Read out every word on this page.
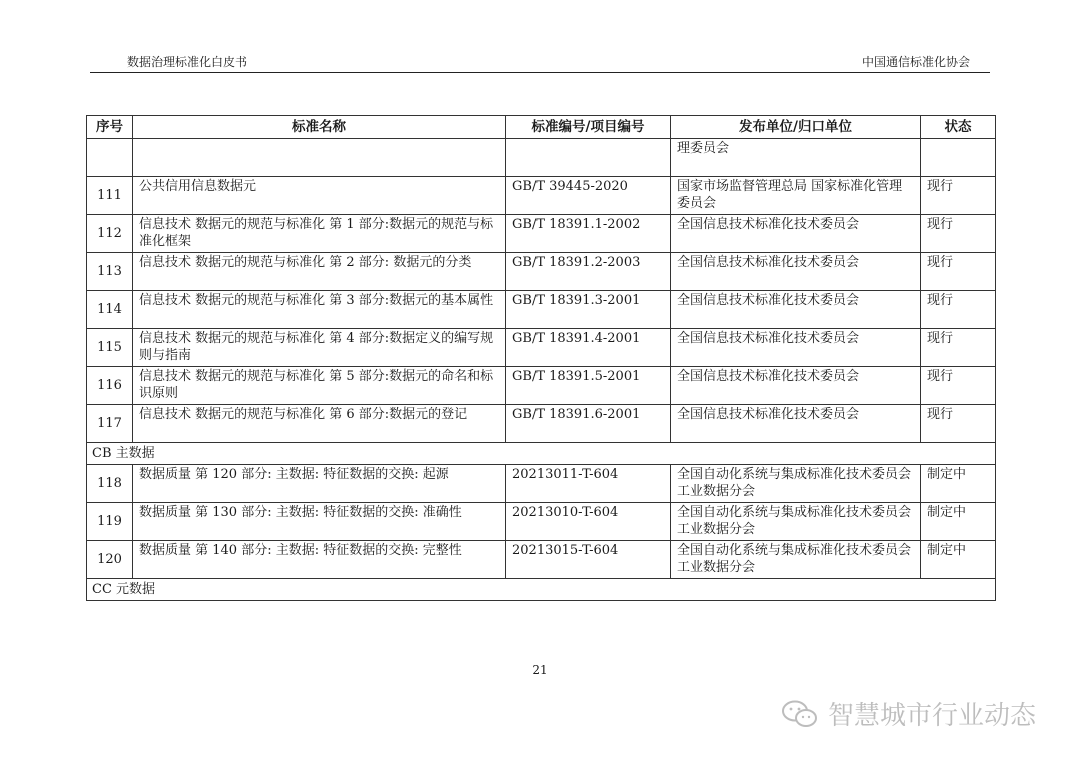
数据治理标准化白皮书	中国通信标准化协会
序号	标准名称	标准编号/项目编号	发布单位/归口单位	状态
			理委员会	
111	公共信用信息数据元	GB/T 39445-2020	国家市场监督管理总局 国家标准化管理委员会	现行
112	信息技术 数据元的规范与标准化 第 1 部分:数据元的规范与标准化框架	GB/T 18391.1-2002	全国信息技术标准化技术委员会	现行
113	信息技术 数据元的规范与标准化 第 2 部分: 数据元的分类	GB/T 18391.2-2003	全国信息技术标准化技术委员会	现行
114	信息技术 数据元的规范与标准化 第 3 部分:数据元的基本属性	GB/T 18391.3-2001	全国信息技术标准化技术委员会	现行
115	信息技术 数据元的规范与标准化 第 4 部分:数据定义的编写规则与指南	GB/T 18391.4-2001	全国信息技术标准化技术委员会	现行
116	信息技术 数据元的规范与标准化 第 5 部分:数据元的命名和标识原则	GB/T 18391.5-2001	全国信息技术标准化技术委员会	现行
117	信息技术 数据元的规范与标准化 第 6 部分:数据元的登记	GB/T 18391.6-2001	全国信息技术标准化技术委员会	现行
CB 主数据				
118	数据质量 第 120 部分: 主数据: 特征数据的交换: 起源	20213011-T-604	全国自动化系统与集成标准化技术委员会工业数据分会	制定中
119	数据质量 第 130 部分: 主数据: 特征数据的交换: 准确性	20213010-T-604	全国自动化系统与集成标准化技术委员会工业数据分会	制定中
120	数据质量 第 140 部分: 主数据: 特征数据的交换: 完整性	20213015-T-604	全国自动化系统与集成标准化技术委员会工业数据分会	制定中
CC 元数据				
21
智慧城市行业动态
